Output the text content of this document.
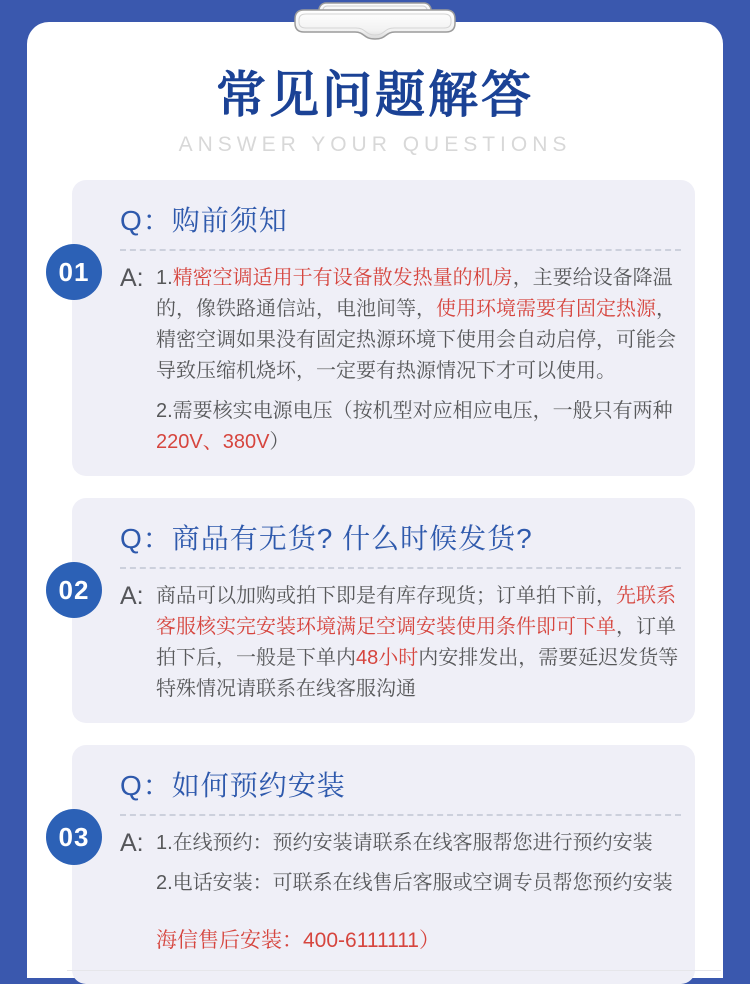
常见问题解答
ANSWER YOUR QUESTIONS
01
Q：购前须知
A: 1.精密空调适用于有设备散发热量的机房，主要给设备降温的，像铁路通信站，电池间等，使用环境需要有固定热源，精密空调如果没有固定热源环境下使用会自动启停，可能会导致压缩机烧坏，一定要有热源情况下才可以使用。

2.需要核实电源电压（按机型对应相应电压，一般只有两种220V、380V）

02
Q：商品有无货? 什么时候发货?
A: 商品可以加购或拍下即是有库存现货；订单拍下前，先联系客服核实完安装环境满足空调安装使用条件即可下单，订单拍下后，一般是下单内48小时内安排发出，需要延迟发货等特殊情况请联系在线客服沟通

03
Q：如何预约安装
A: 1.在线预约：预约安装请联系在线客服帮您进行预约安装

2.电话安装：可联系在线售后客服或空调专员帮您预约安装

海信售后安装：400-6111111）
